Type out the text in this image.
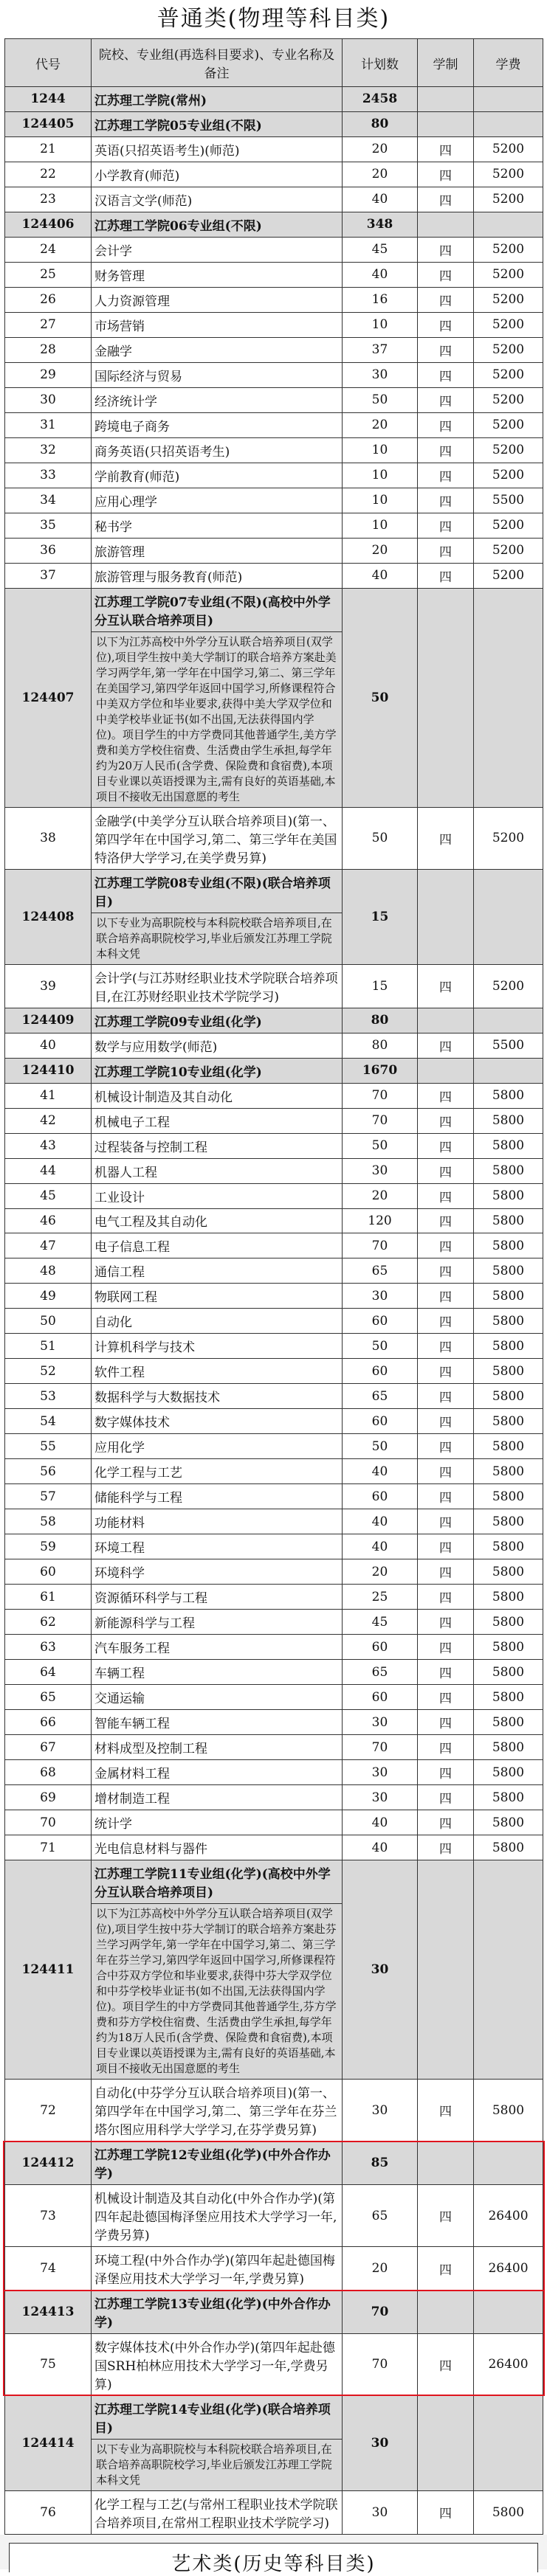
普通类(物理等科目类)
代号	院校、专业组(再选科目要求)、专业名称及备注	计划数	学制	学费
1244	江苏理工学院(常州)	2458		
124405	江苏理工学院05专业组(不限)	80		
21	英语(只招英语考生)(师范)	20	四	5200
22	小学教育(师范)	20	四	5200
23	汉语言文学(师范)	40	四	5200
124406	江苏理工学院06专业组(不限)	348		
24	会计学	45	四	5200
25	财务管理	40	四	5200
26	人力资源管理	16	四	5200
27	市场营销	10	四	5200
28	金融学	37	四	5200
29	国际经济与贸易	30	四	5200
30	经济统计学	50	四	5200
31	跨境电子商务	20	四	5200
32	商务英语(只招英语考生)	10	四	5200
33	学前教育(师范)	10	四	5200
34	应用心理学	10	四	5500
35	秘书学	10	四	5200
36	旅游管理	20	四	5200
37	旅游管理与服务教育(师范)	40	四	5200
124407	江苏理工学院07专业组(不限)(高校中外学分互认联合培养项目)	50		
	以下为江苏高校中外学分互认联合培养项目(双学位),项目学生按中美大学制订的联合培养方案赴美学习两学年,第一学年在中国学习,第二、第三学年在美国学习,第四学年返回中国学习,所修课程符合中美双方学位和毕业要求,获得中美大学双学位和中美学校毕业证书(如不出国,无法获得国内学位)。项目学生的中方学费同其他普通学生,美方学费和美方学校住宿费、生活费由学生承担,每学年约为20万人民币(含学费、保险费和食宿费),本项目专业课以英语授课为主,需有良好的英语基础,本项目不接收无出国意愿的考生			
38	金融学(中美学分互认联合培养项目)(第一、第四学年在中国学习,第二、第三学年在美国特洛伊大学学习,在美学费另算)	50	四	5200
124408	江苏理工学院08专业组(不限)(联合培养项目)	15		
	以下专业为高职院校与本科院校联合培养项目,在联合培养高职院校学习,毕业后颁发江苏理工学院本科文凭			
39	会计学(与江苏财经职业技术学院联合培养项目,在江苏财经职业技术学院学习)	15	四	5200
124409	江苏理工学院09专业组(化学)	80		
40	数学与应用数学(师范)	80	四	5500
124410	江苏理工学院10专业组(化学)	1670		
41	机械设计制造及其自动化	70	四	5800
42	机械电子工程	70	四	5800
43	过程装备与控制工程	50	四	5800
44	机器人工程	30	四	5800
45	工业设计	20	四	5800
46	电气工程及其自动化	120	四	5800
47	电子信息工程	70	四	5800
48	通信工程	65	四	5800
49	物联网工程	30	四	5800
50	自动化	60	四	5800
51	计算机科学与技术	50	四	5800
52	软件工程	60	四	5800
53	数据科学与大数据技术	65	四	5800
54	数字媒体技术	60	四	5800
55	应用化学	50	四	5800
56	化学工程与工艺	40	四	5800
57	储能科学与工程	60	四	5800
58	功能材料	40	四	5800
59	环境工程	40	四	5800
60	环境科学	20	四	5800
61	资源循环科学与工程	25	四	5800
62	新能源科学与工程	45	四	5800
63	汽车服务工程	60	四	5800
64	车辆工程	65	四	5800
65	交通运输	60	四	5800
66	智能车辆工程	30	四	5800
67	材料成型及控制工程	70	四	5800
68	金属材料工程	30	四	5800
69	增材制造工程	30	四	5800
70	统计学	40	四	5800
71	光电信息材料与器件	40	四	5800
124411	江苏理工学院11专业组(化学)(高校中外学分互认联合培养项目)	30		
	以下为江苏高校中外学分互认联合培养项目(双学位),项目学生按中芬大学制订的联合培养方案赴芬兰学习两学年,第一学年在中国学习,第二、第三学年在芬兰学习,第四学年返回中国学习,所修课程符合中芬双方学位和毕业要求,获得中芬大学双学位和中芬学校毕业证书(如不出国,无法获得国内学位)。项目学生的中方学费同其他普通学生,芬方学费和芬方学校住宿费、生活费由学生承担,每学年约为18万人民币(含学费、保险费和食宿费),本项目专业课以英语授课为主,需有良好的英语基础,本项目不接收无出国意愿的考生			
72	自动化(中芬学分互认联合培养项目)(第一、第四学年在中国学习,第二、第三学年在芬兰塔尔图应用科学大学学习,在芬学费另算)	30	四	5800
124412	江苏理工学院12专业组(化学)(中外合作办学)	85		
73	机械设计制造及其自动化(中外合作办学)(第四年起赴德国梅泽堡应用技术大学学习一年,学费另算)	65	四	26400
74	环境工程(中外合作办学)(第四年起赴德国梅泽堡应用技术大学学习一年,学费另算)	20	四	26400
124413	江苏理工学院13专业组(化学)(中外合作办学)	70		
75	数字媒体技术(中外合作办学)(第四年起赴德国SRH柏林应用技术大学学习一年,学费另算)	70	四	26400
124414	江苏理工学院14专业组(化学)(联合培养项目)	30		
	以下专业为高职院校与本科院校联合培养项目,在联合培养高职院校学习,毕业后颁发江苏理工学院本科文凭			
76	化学工程与工艺(与常州工程职业技术学院联合培养项目,在常州工程职业技术学院学习)	30	四	5800
艺术类(历史等科目类)
